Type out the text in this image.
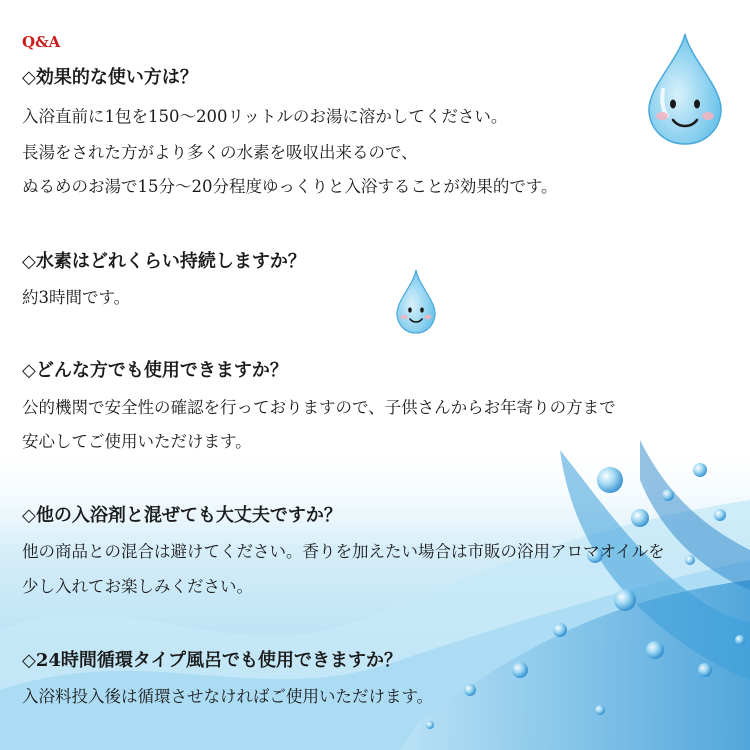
Q&A
◇効果的な使い方は？
入浴直前に1包を150～200リットルのお湯に溶かしてください。
長湯をされた方がより多くの水素を吸収出来るので、
ぬるめのお湯で15分～20分程度ゆっくりと入浴することが効果的です。
◇水素はどれくらい持続しますか？
約3時間です。
◇どんな方でも使用できますか？
公的機関で安全性の確認を行っておりますので、子供さんからお年寄りの方まで
安心してご使用いただけます。
◇他の入浴剤と混ぜても大丈夫ですか？
他の商品との混合は避けてください。香りを加えたい場合は市販の浴用アロマオイルを
少し入れてお楽しみください。
◇24時間循環タイプ風呂でも使用できますか？
入浴料投入後は循環させなければご使用いただけます。
